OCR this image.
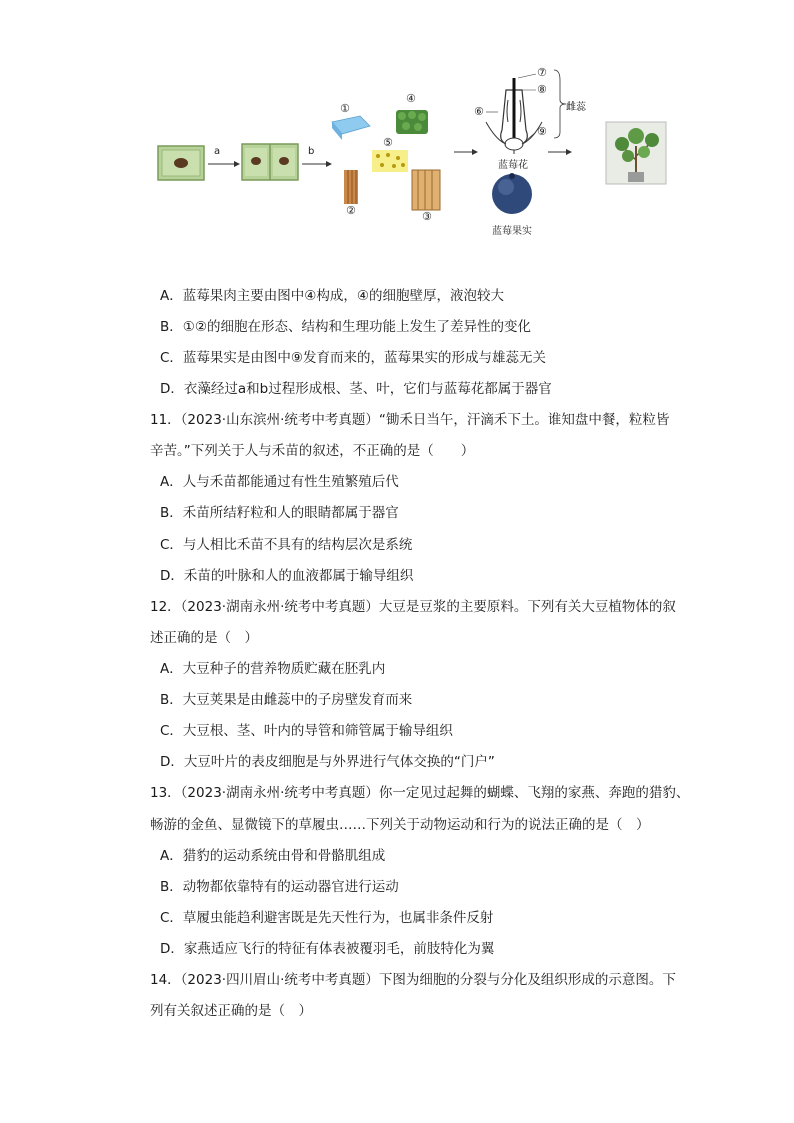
a	b
①
④
⑤
②	③
⑥
⑦
⑧
⑨
雌蕊
蓝莓花
蓝莓果实
A．蓝莓果肉主要由图中④构成，④的细胞壁厚，液泡较大
B．①②的细胞在形态、结构和生理功能上发生了差异性的变化
C．蓝莓果实是由图中⑨发育而来的，蓝莓果实的形成与雄蕊无关
D．衣藻经过a和b过程形成根、茎、叶，它们与蓝莓花都属于器官
11．（2023·山东滨州·统考中考真题）“锄禾日当午，汗滴禾下土。谁知盘中餐，粒粒皆
辛苦。”下列关于人与禾苗的叙述，不正确的是（　　）
A．人与禾苗都能通过有性生殖繁殖后代
B．禾苗所结籽粒和人的眼睛都属于器官
C．与人相比禾苗不具有的结构层次是系统
D．禾苗的叶脉和人的血液都属于输导组织
12．（2023·湖南永州·统考中考真题）大豆是豆浆的主要原料。下列有关大豆植物体的叙
述正确的是（　）
A．大豆种子的营养物质贮藏在胚乳内
B．大豆荚果是由雌蕊中的子房壁发育而来
C．大豆根、茎、叶内的导管和筛管属于输导组织
D．大豆叶片的表皮细胞是与外界进行气体交换的“门户”
13．（2023·湖南永州·统考中考真题）你一定见过起舞的蝴蝶、飞翔的家燕、奔跑的猎豹、
畅游的金鱼、显微镜下的草履虫……下列关于动物运动和行为的说法正确的是（　）
A．猎豹的运动系统由骨和骨骼肌组成
B．动物都依靠特有的运动器官进行运动
C．草履虫能趋利避害既是先天性行为，也属非条件反射
D．家燕适应飞行的特征有体表被覆羽毛，前肢特化为翼
14．（2023·四川眉山·统考中考真题）下图为细胞的分裂与分化及组织形成的示意图。下
列有关叙述正确的是（　）
